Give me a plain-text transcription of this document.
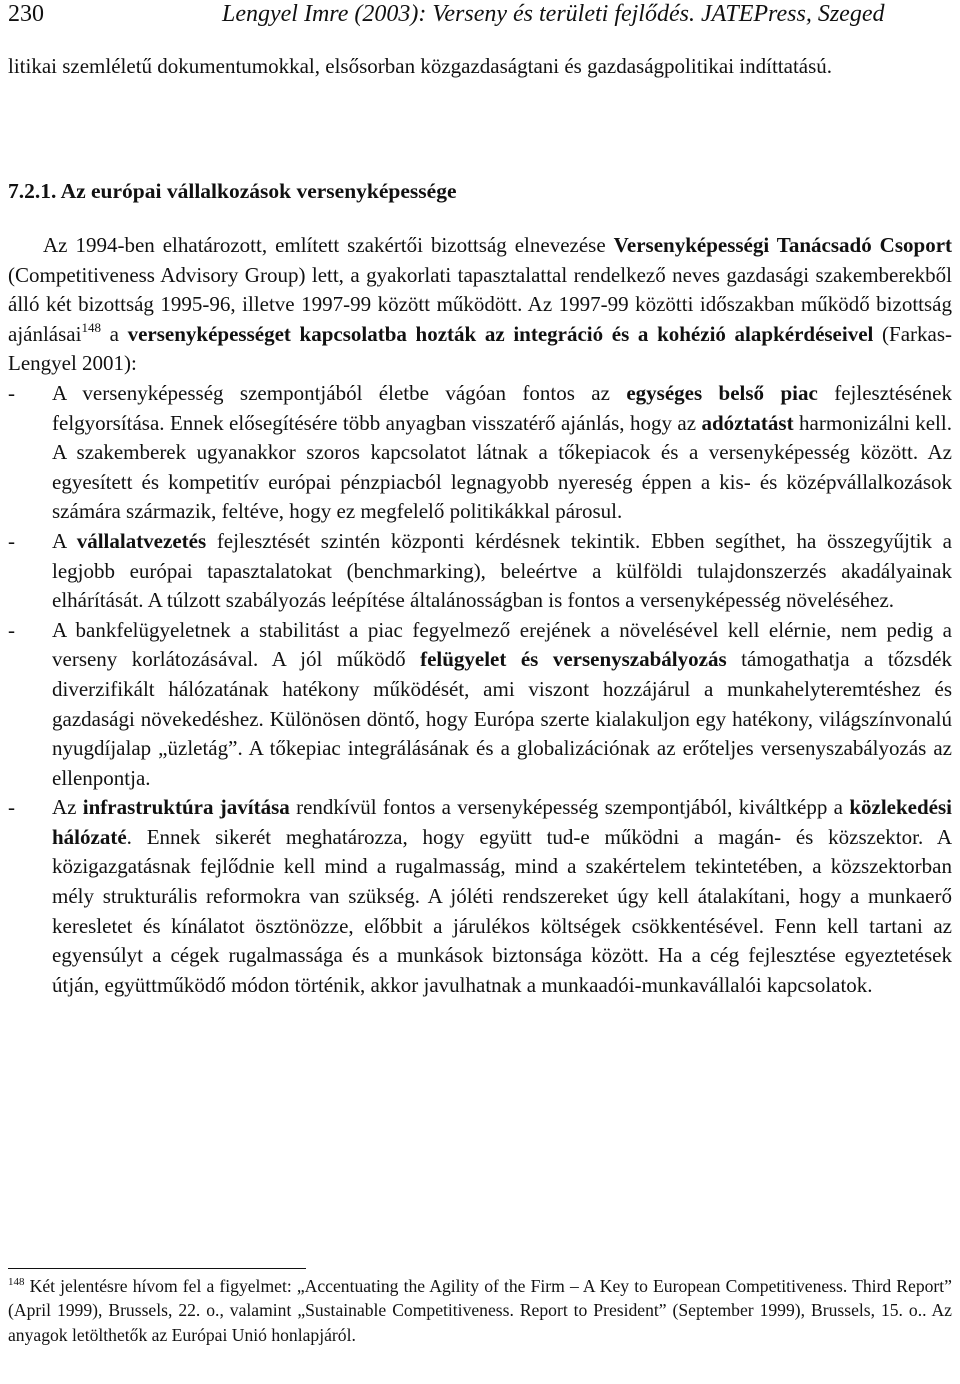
230	Lengyel Imre (2003): Verseny és területi fejlődés. JATEPress, Szeged
litikai szemléletű dokumentumokkal, elsősorban közgazdaságtani és gazdaságpolitikai indíttatású.
7.2.1. Az európai vállalkozások versenyképessége

Az 1994-ben elhatározott, említett szakértői bizottság elnevezése Versenyképességi Tanácsadó Csoport (Competitiveness Advisory Group) lett, a gyakorlati tapasztalattal rendelkező neves gazdasági szakemberekből álló két bizottság 1995-96, illetve 1997-99 között működött. Az 1997-99 közötti időszakban működő bizottság ajánlásai$^{148}$ a versenyképességet kapcsolatba hozták az integráció és a kohézió alapkérdéseivel (Farkas-Lengyel 2001):

- A versenyképesség szempontjából életbe vágóan fontos az egységes belső piac fejlesztésének felgyorsítása. Ennek elősegítésére több anyagban visszatérő ajánlás, hogy az adóztatást harmonizálni kell. A szakemberek ugyanakkor szoros kapcsolatot látnak a tőkepiacok és a versenyképesség között. Az egyesített és kompetitív európai pénzpiacból legnagyobb nyereség éppen a kis- és középvállalkozások számára származik, feltéve, hogy ez megfelelő politikákkal párosul.
- A vállalatvezetés fejlesztését szintén központi kérdésnek tekintik. Ebben segíthet, ha összegyűjtik a legjobb európai tapasztalatokat (benchmarking), beleértve a külföldi tulajdonszerzés akadályainak elhárítását. A túlzott szabályozás leépítése általánosságban is fontos a versenyképesség növeléséhez.
- A bankfelügyeletnek a stabilitást a piac fegyelmező erejének a növelésével kell elérnie, nem pedig a verseny korlátozásával. A jól működő felügyelet és versenyszabályozás támogathatja a tőzsdék diverzifikált hálózatának hatékony működését, ami viszont hozzájárul a munkahelyteremtéshez és gazdasági növekedéshez. Különösen döntő, hogy Európa szerte kialakuljon egy hatékony, világszínvonalú nyugdíjalap „üzletág”. A tőkepiac integrálásának és a globalizációnak az erőteljes versenyszabályozás az ellenpontja.
- Az infrastruktúra javítása rendkívül fontos a versenyképesség szempontjából, kiváltképp a közlekedési hálózaté. Ennek sikerét meghatározza, hogy együtt tud-e működni a magán- és közszektor. A közigazgatásnak fejlődnie kell mind a rugalmasság, mind a szakértelem tekintetében, a közszektorban mély strukturális reformokra van szükség. A jóléti rendszereket úgy kell átalakítani, hogy a munkaerő keresletet és kínálatot ösztönözze, előbbit a járulékos költségek csökkentésével. Fenn kell tartani az egyensúlyt a cégek rugalmassága és a munkások biztonsága között. Ha a cég fejlesztése egyeztetések útján, együttműködő módon történik, akkor javulhatnak a munkaadói-munkavállalói kapcsolatok.
$^{148}$ Két jelentésre hívom fel a figyelmet: „Accentuating the Agility of the Firm – A Key to European Competitiveness. Third Report” (April 1999), Brussels, 22. o., valamint „Sustainable Competitiveness. Report to President” (September 1999), Brussels, 15. o.. Az anyagok letölthetők az Európai Unió honlapjáról.
